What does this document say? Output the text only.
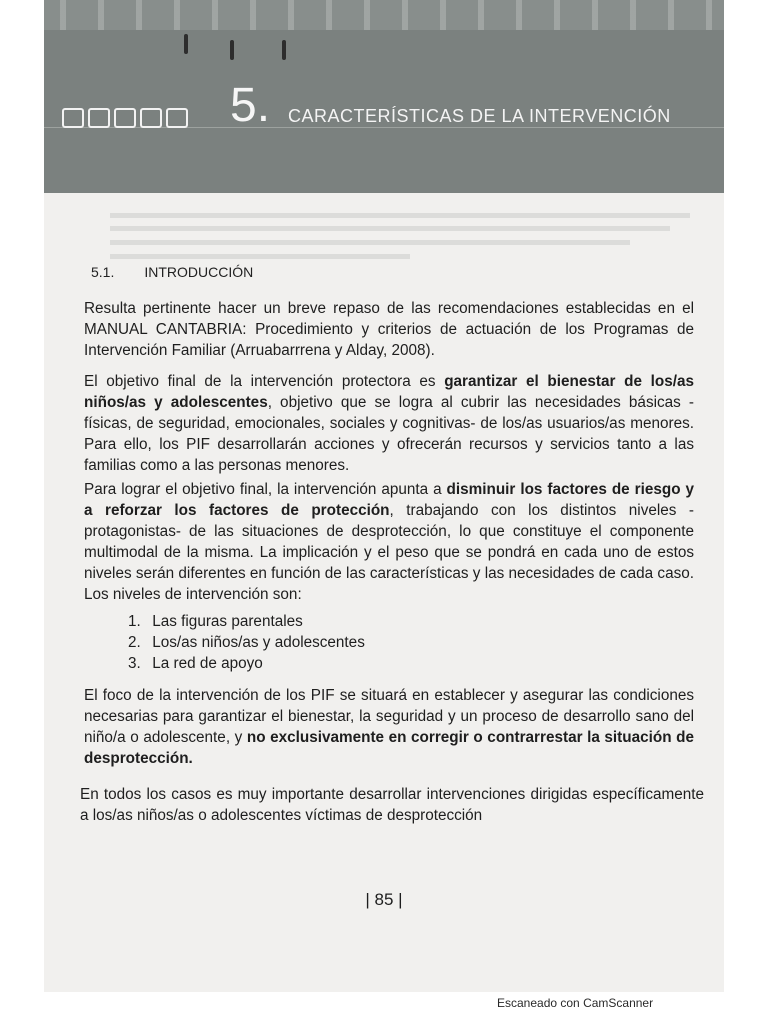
5. CARACTERÍSTICAS DE LA INTERVENCIÓN
5.1. INTRODUCCIÓN

Resulta pertinente hacer un breve repaso de las recomendaciones establecidas en el MANUAL CANTABRIA: Procedimiento y criterios de actuación de los Programas de Intervención Familiar (Arruabarrrena y Alday, 2008).

El objetivo final de la intervención protectora es garantizar el bienestar de los/as niños/as y adolescentes, objetivo que se logra al cubrir las necesidades básicas -físicas, de seguridad, emocionales, sociales y cognitivas- de los/as usuarios/as menores. Para ello, los PIF desarrollarán acciones y ofrecerán recursos y servicios tanto a las familias como a las personas menores.

Para lograr el objetivo final, la intervención apunta a disminuir los factores de riesgo y a reforzar los factores de protección, trabajando con los distintos niveles -protagonistas- de las situaciones de desprotección, lo que constituye el componente multimodal de la misma. La implicación y el peso que se pondrá en cada uno de estos niveles serán diferentes en función de las características y las necesidades de cada caso. Los niveles de intervención son:

1. Las figuras parentales
2. Los/as niños/as y adolescentes
3. La red de apoyo

El foco de la intervención de los PIF se situará en establecer y asegurar las condiciones necesarias para garantizar el bienestar, la seguridad y un proceso de desarrollo sano del niño/a o adolescente, y no exclusivamente en corregir o contrarrestar la situación de desprotección.

En todos los casos es muy importante desarrollar intervenciones dirigidas específicamente a los/as niños/as o adolescentes víctimas de desprotección

| 85 |
Escaneado con CamScanner
